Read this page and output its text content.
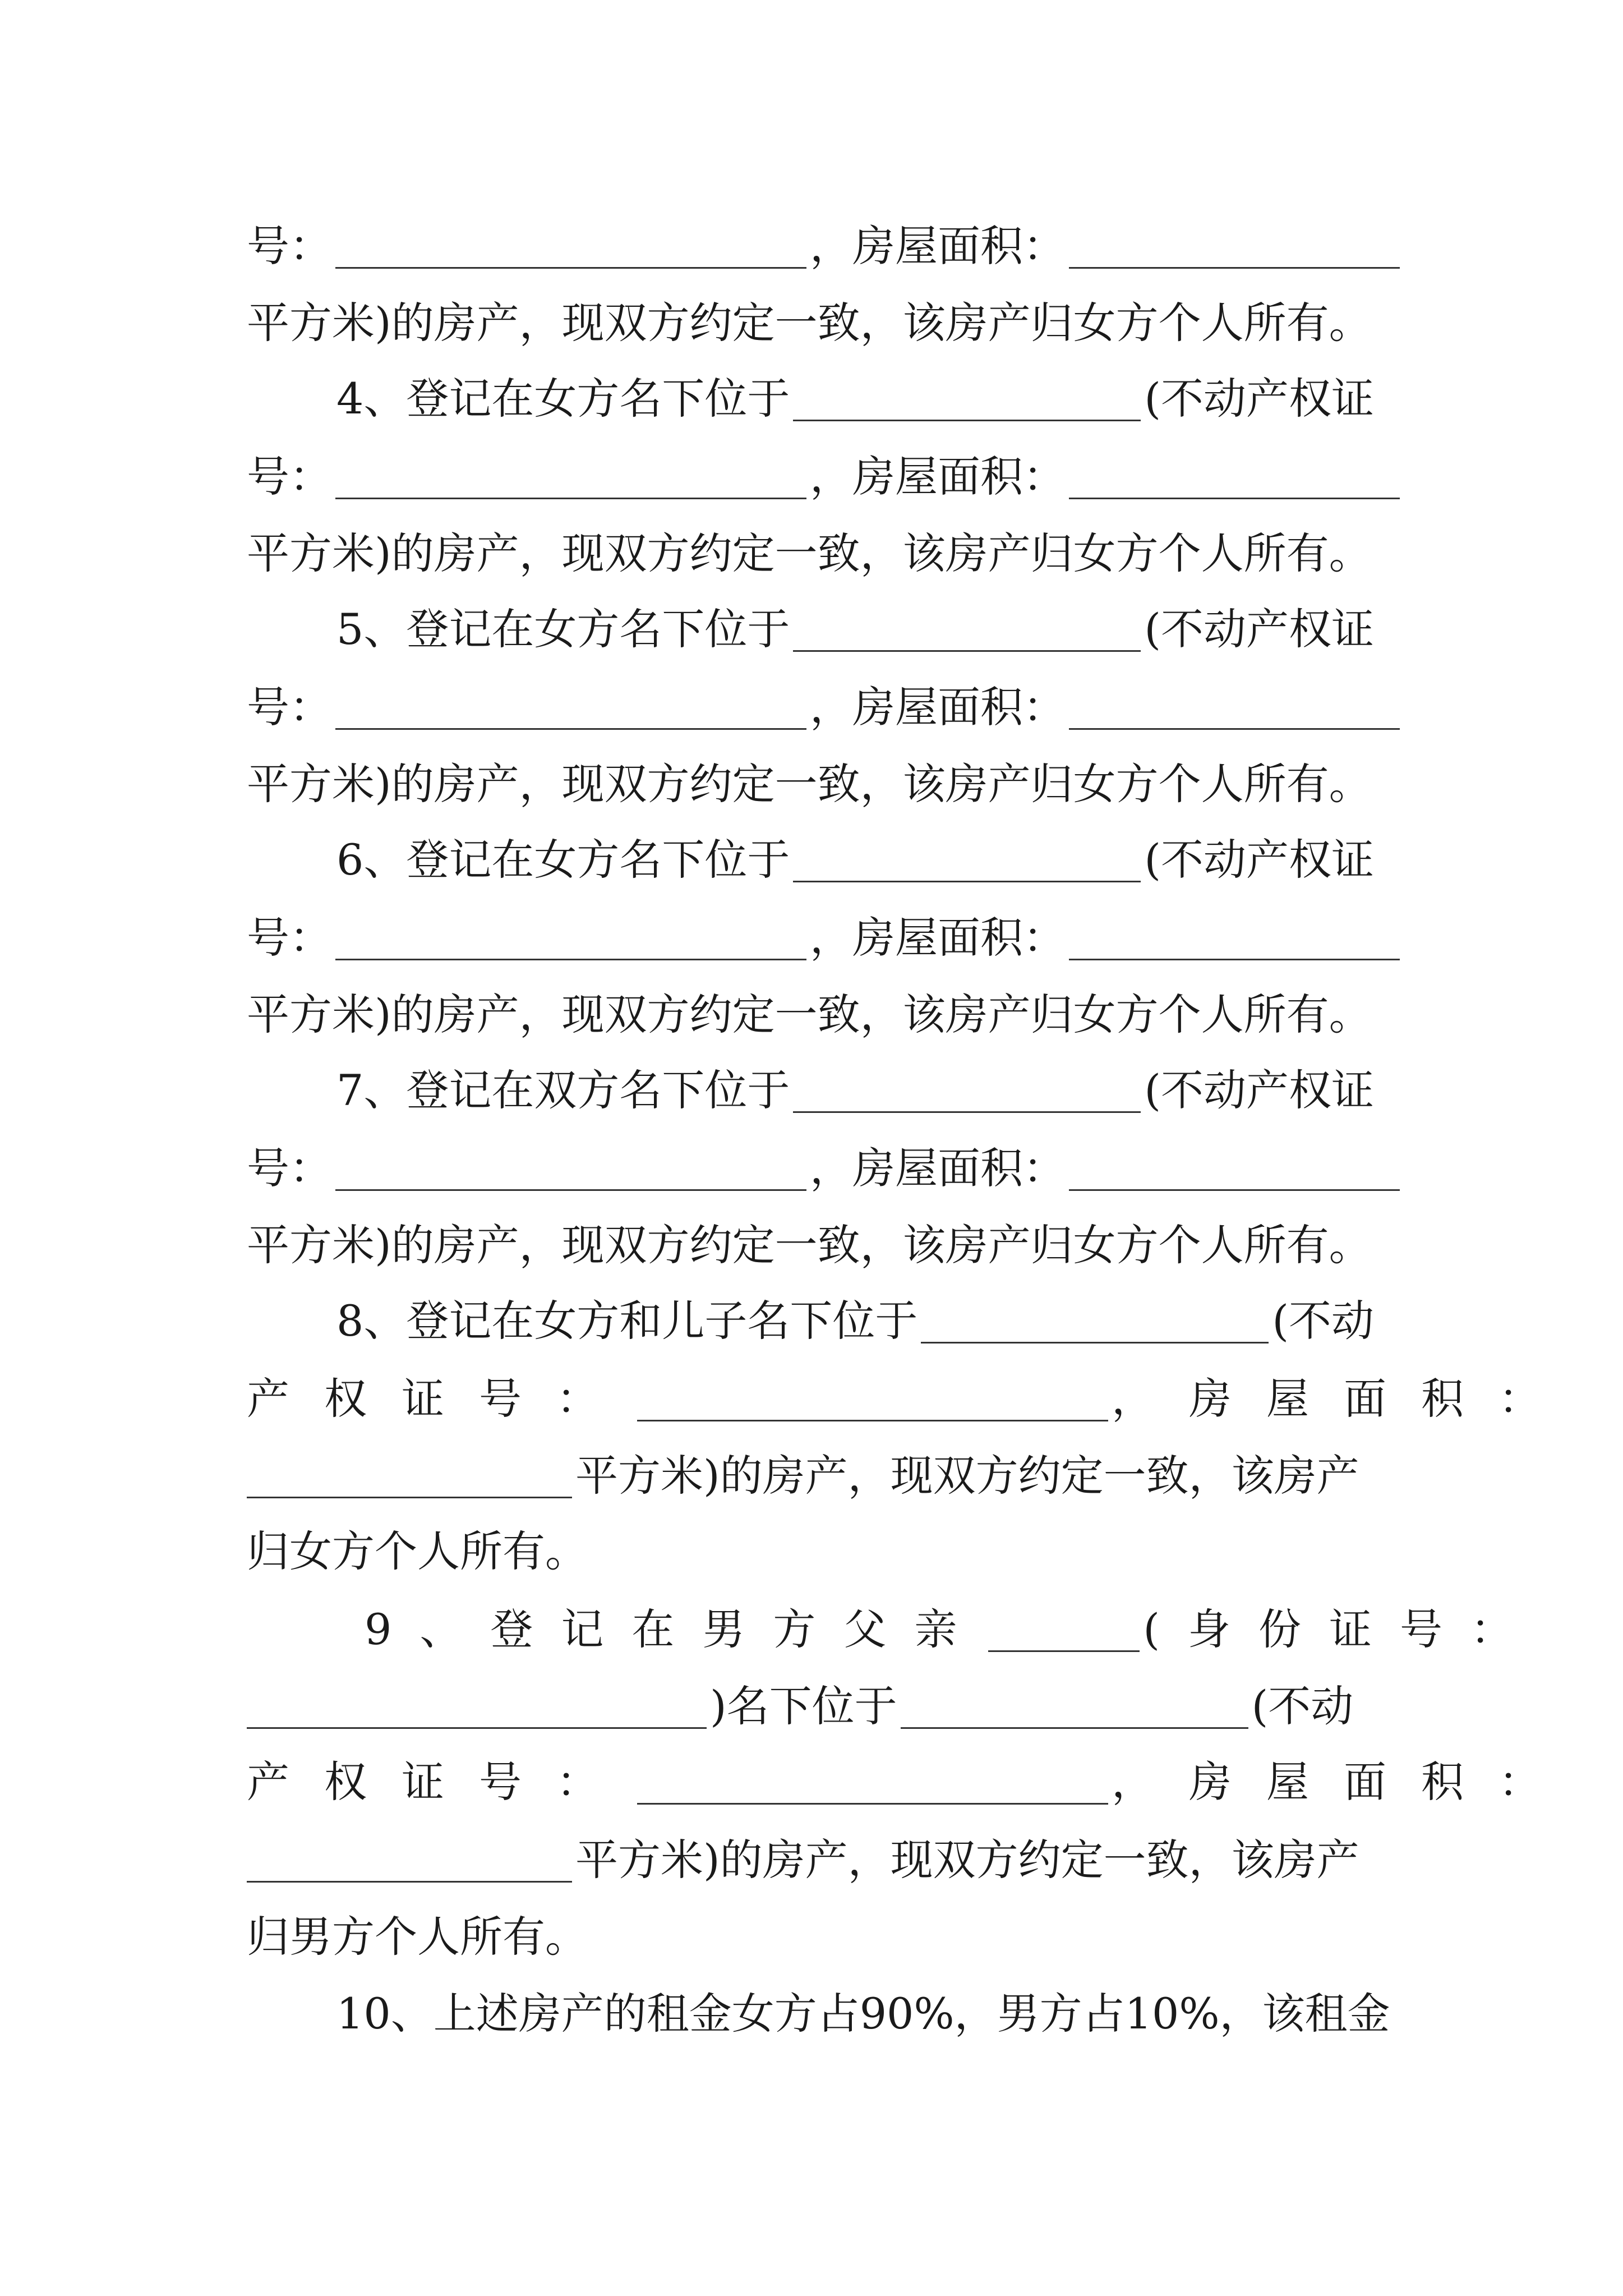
号：	，房屋面积：
平方米)的房产，现双方约定一致，该房产归女方个人所有。
4、登记在女方名下位于	(不动产权证
号：	，房屋面积：
平方米)的房产，现双方约定一致，该房产归女方个人所有。
5、登记在女方名下位于	(不动产权证
号：	，房屋面积：
平方米)的房产，现双方约定一致，该房产归女方个人所有。
6、登记在女方名下位于	(不动产权证
号：	，房屋面积：
平方米)的房产，现双方约定一致，该房产归女方个人所有。
7、登记在双方名下位于	(不动产权证
号：	，房屋面积：
平方米)的房产，现双方约定一致，该房产归女方个人所有。
8、登记在女方和儿子名下位于	(不动
产权证号：	，房屋面积：
平方米)的房产，现双方约定一致，该房产
归女方个人所有。
9、登记在男方父亲	(身份证号：
)名下位于	(不动
产权证号：	，房屋面积：
平方米)的房产，现双方约定一致，该房产
归男方个人所有。
10、上述房产的租金女方占90%，男方占10%，该租金
